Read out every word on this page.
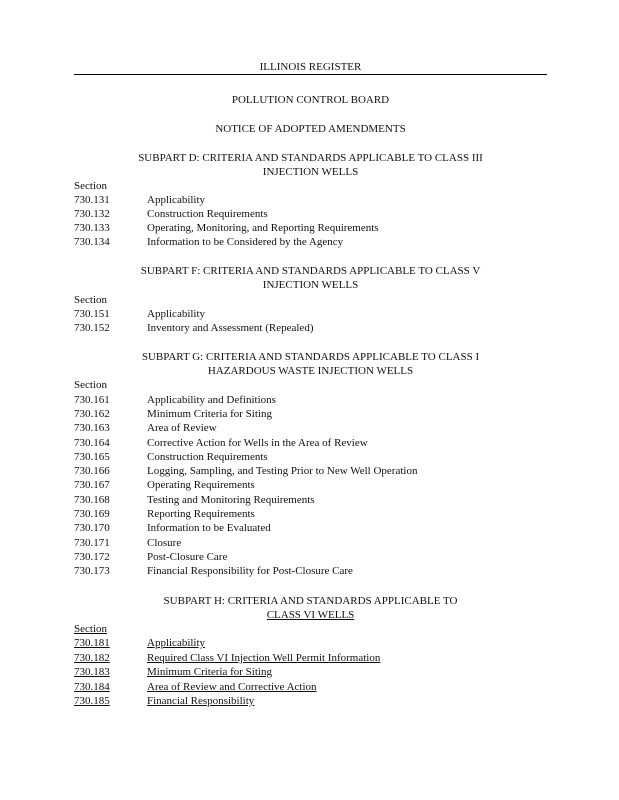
ILLINOIS REGISTER
POLLUTION CONTROL BOARD
NOTICE OF ADOPTED AMENDMENTS
SUBPART D: CRITERIA AND STANDARDS APPLICABLE TO CLASS III
INJECTION WELLS
Section
730.131	Applicability
730.132	Construction Requirements
730.133	Operating, Monitoring, and Reporting Requirements
730.134	Information to be Considered by the Agency
SUBPART F: CRITERIA AND STANDARDS APPLICABLE TO CLASS V
INJECTION WELLS
Section
730.151	Applicability
730.152	Inventory and Assessment (Repealed)
SUBPART G: CRITERIA AND STANDARDS APPLICABLE TO CLASS I
HAZARDOUS WASTE INJECTION WELLS
Section
730.161	Applicability and Definitions
730.162	Minimum Criteria for Siting
730.163	Area of Review
730.164	Corrective Action for Wells in the Area of Review
730.165	Construction Requirements
730.166	Logging, Sampling, and Testing Prior to New Well Operation
730.167	Operating Requirements
730.168	Testing and Monitoring Requirements
730.169	Reporting Requirements
730.170	Information to be Evaluated
730.171	Closure
730.172	Post-Closure Care
730.173	Financial Responsibility for Post-Closure Care
SUBPART H: CRITERIA AND STANDARDS APPLICABLE TO
CLASS VI WELLS
Section
730.181	Applicability
730.182	Required Class VI Injection Well Permit Information
730.183	Minimum Criteria for Siting
730.184	Area of Review and Corrective Action
730.185	Financial Responsibility
